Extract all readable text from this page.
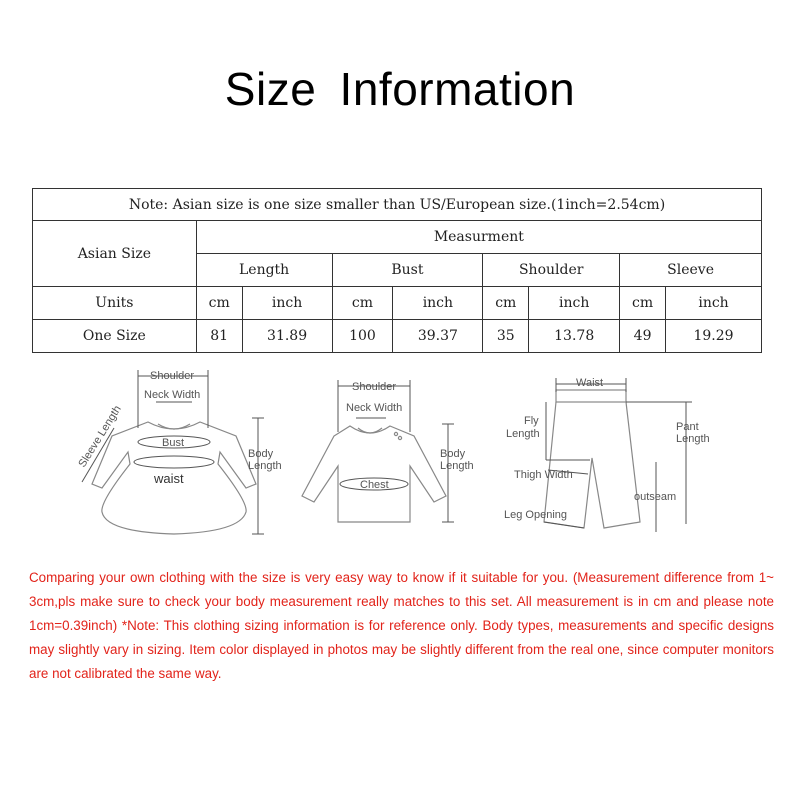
Size Information
Note: Asian size is one size smaller than US/European size.(1inch=2.54cm)								
Asian Size	Measurment							
	Length		Bust		Shoulder		Sleeve	
Units	cm	inch	cm	inch	cm	inch	cm	inch
One Size	81	31.89	100	39.37	35	13.78	49	19.29
Shoulder
Neck Width
Sleeve Length	Bust
waist
Body
Length
Shoulder
Neck Width
Chest
Body
Length
Waist
Fly
Length
Pant
Length
Thigh Width
outseam
Leg Opening
Comparing your own clothing with the size is very easy way to know if it suitable for you. (Measurement difference from 1~ 3cm,pls make sure to check your body measurement really matches to this set. All measurement is in cm and please note 1cm=0.39inch) *Note: This clothing sizing information is for reference only. Body types, measurements and specific designs may slightly vary in sizing. Item color displayed in photos may be slightly different from the real one, since computer monitors are not calibrated the same way.
